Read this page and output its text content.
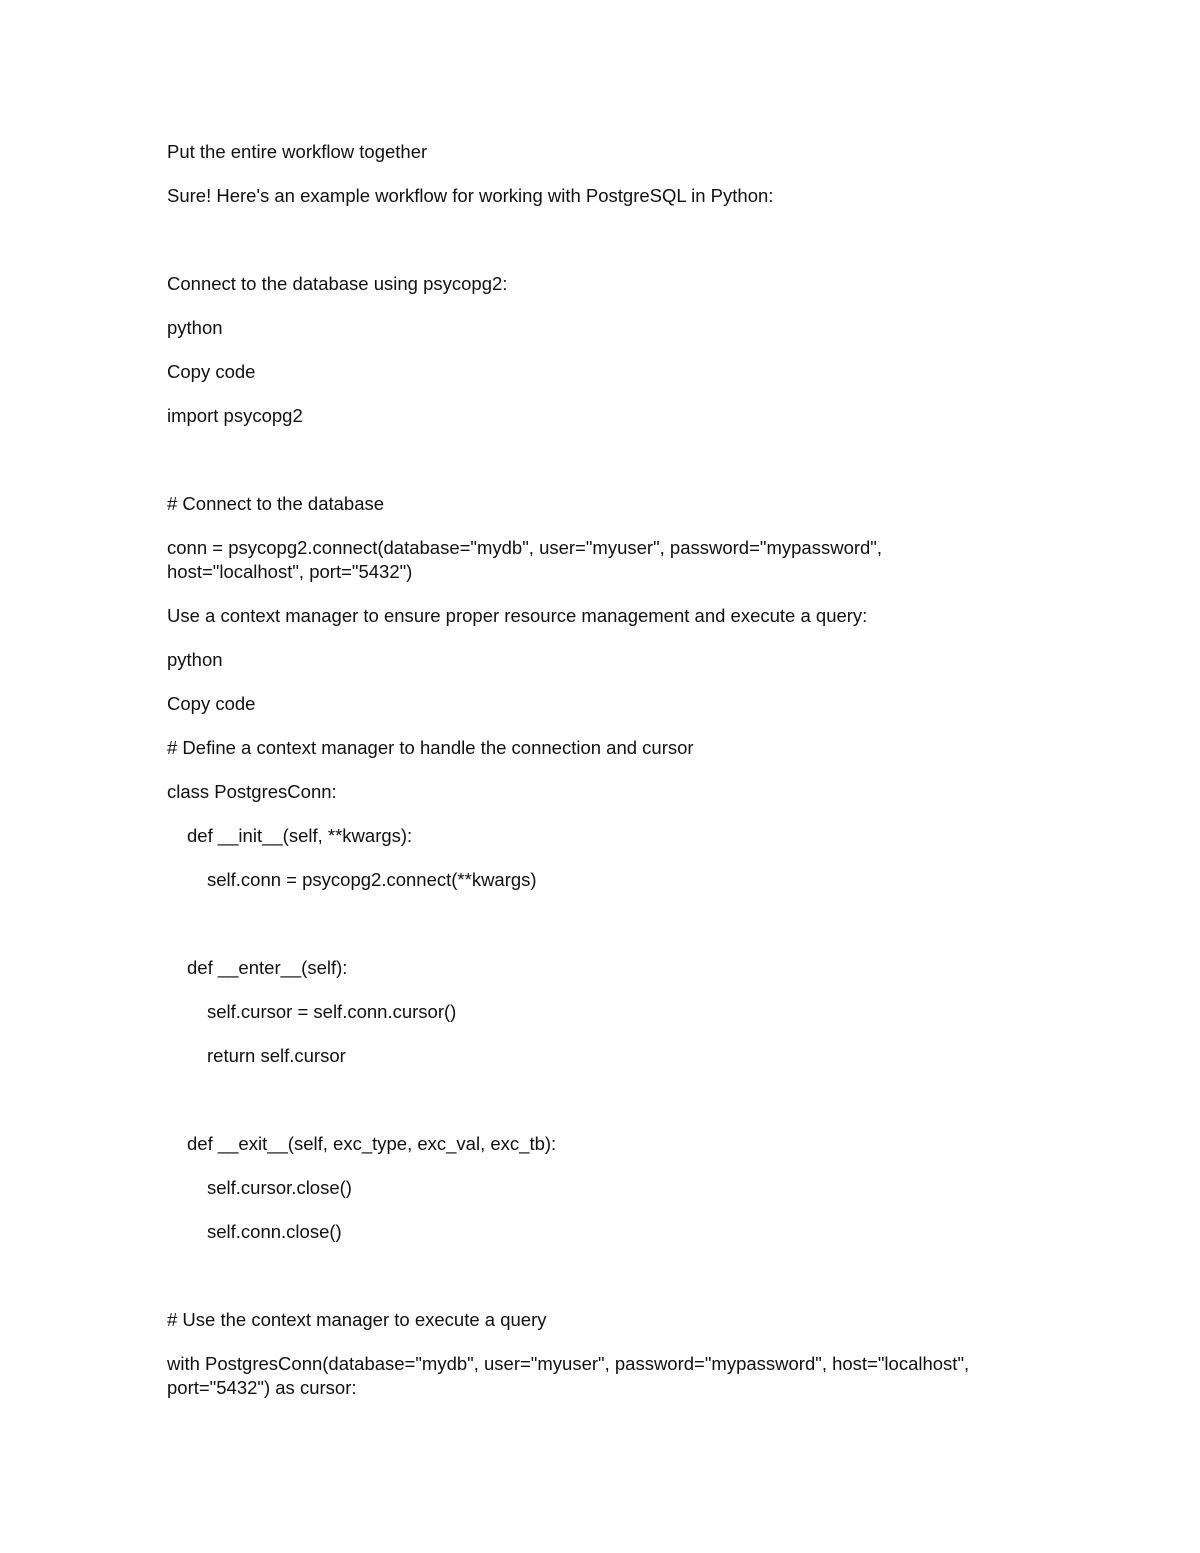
Put the entire workflow together

Sure! Here's an example workflow for working with PostgreSQL in Python:

Connect to the database using psycopg2:

python

Copy code

import psycopg2

# Connect to the database

conn = psycopg2.connect(database="mydb", user="myuser", password="mypassword",

host="localhost", port="5432")

Use a context manager to ensure proper resource management and execute a query:

python

Copy code

# Define a context manager to handle the connection and cursor

class PostgresConn:

def __init__(self, **kwargs):

self.conn = psycopg2.connect(**kwargs)

def __enter__(self):

self.cursor = self.conn.cursor()

return self.cursor

def __exit__(self, exc_type, exc_val, exc_tb):

self.cursor.close()

self.conn.close()

# Use the context manager to execute a query

with PostgresConn(database="mydb", user="myuser", password="mypassword", host="localhost",

port="5432") as cursor:
